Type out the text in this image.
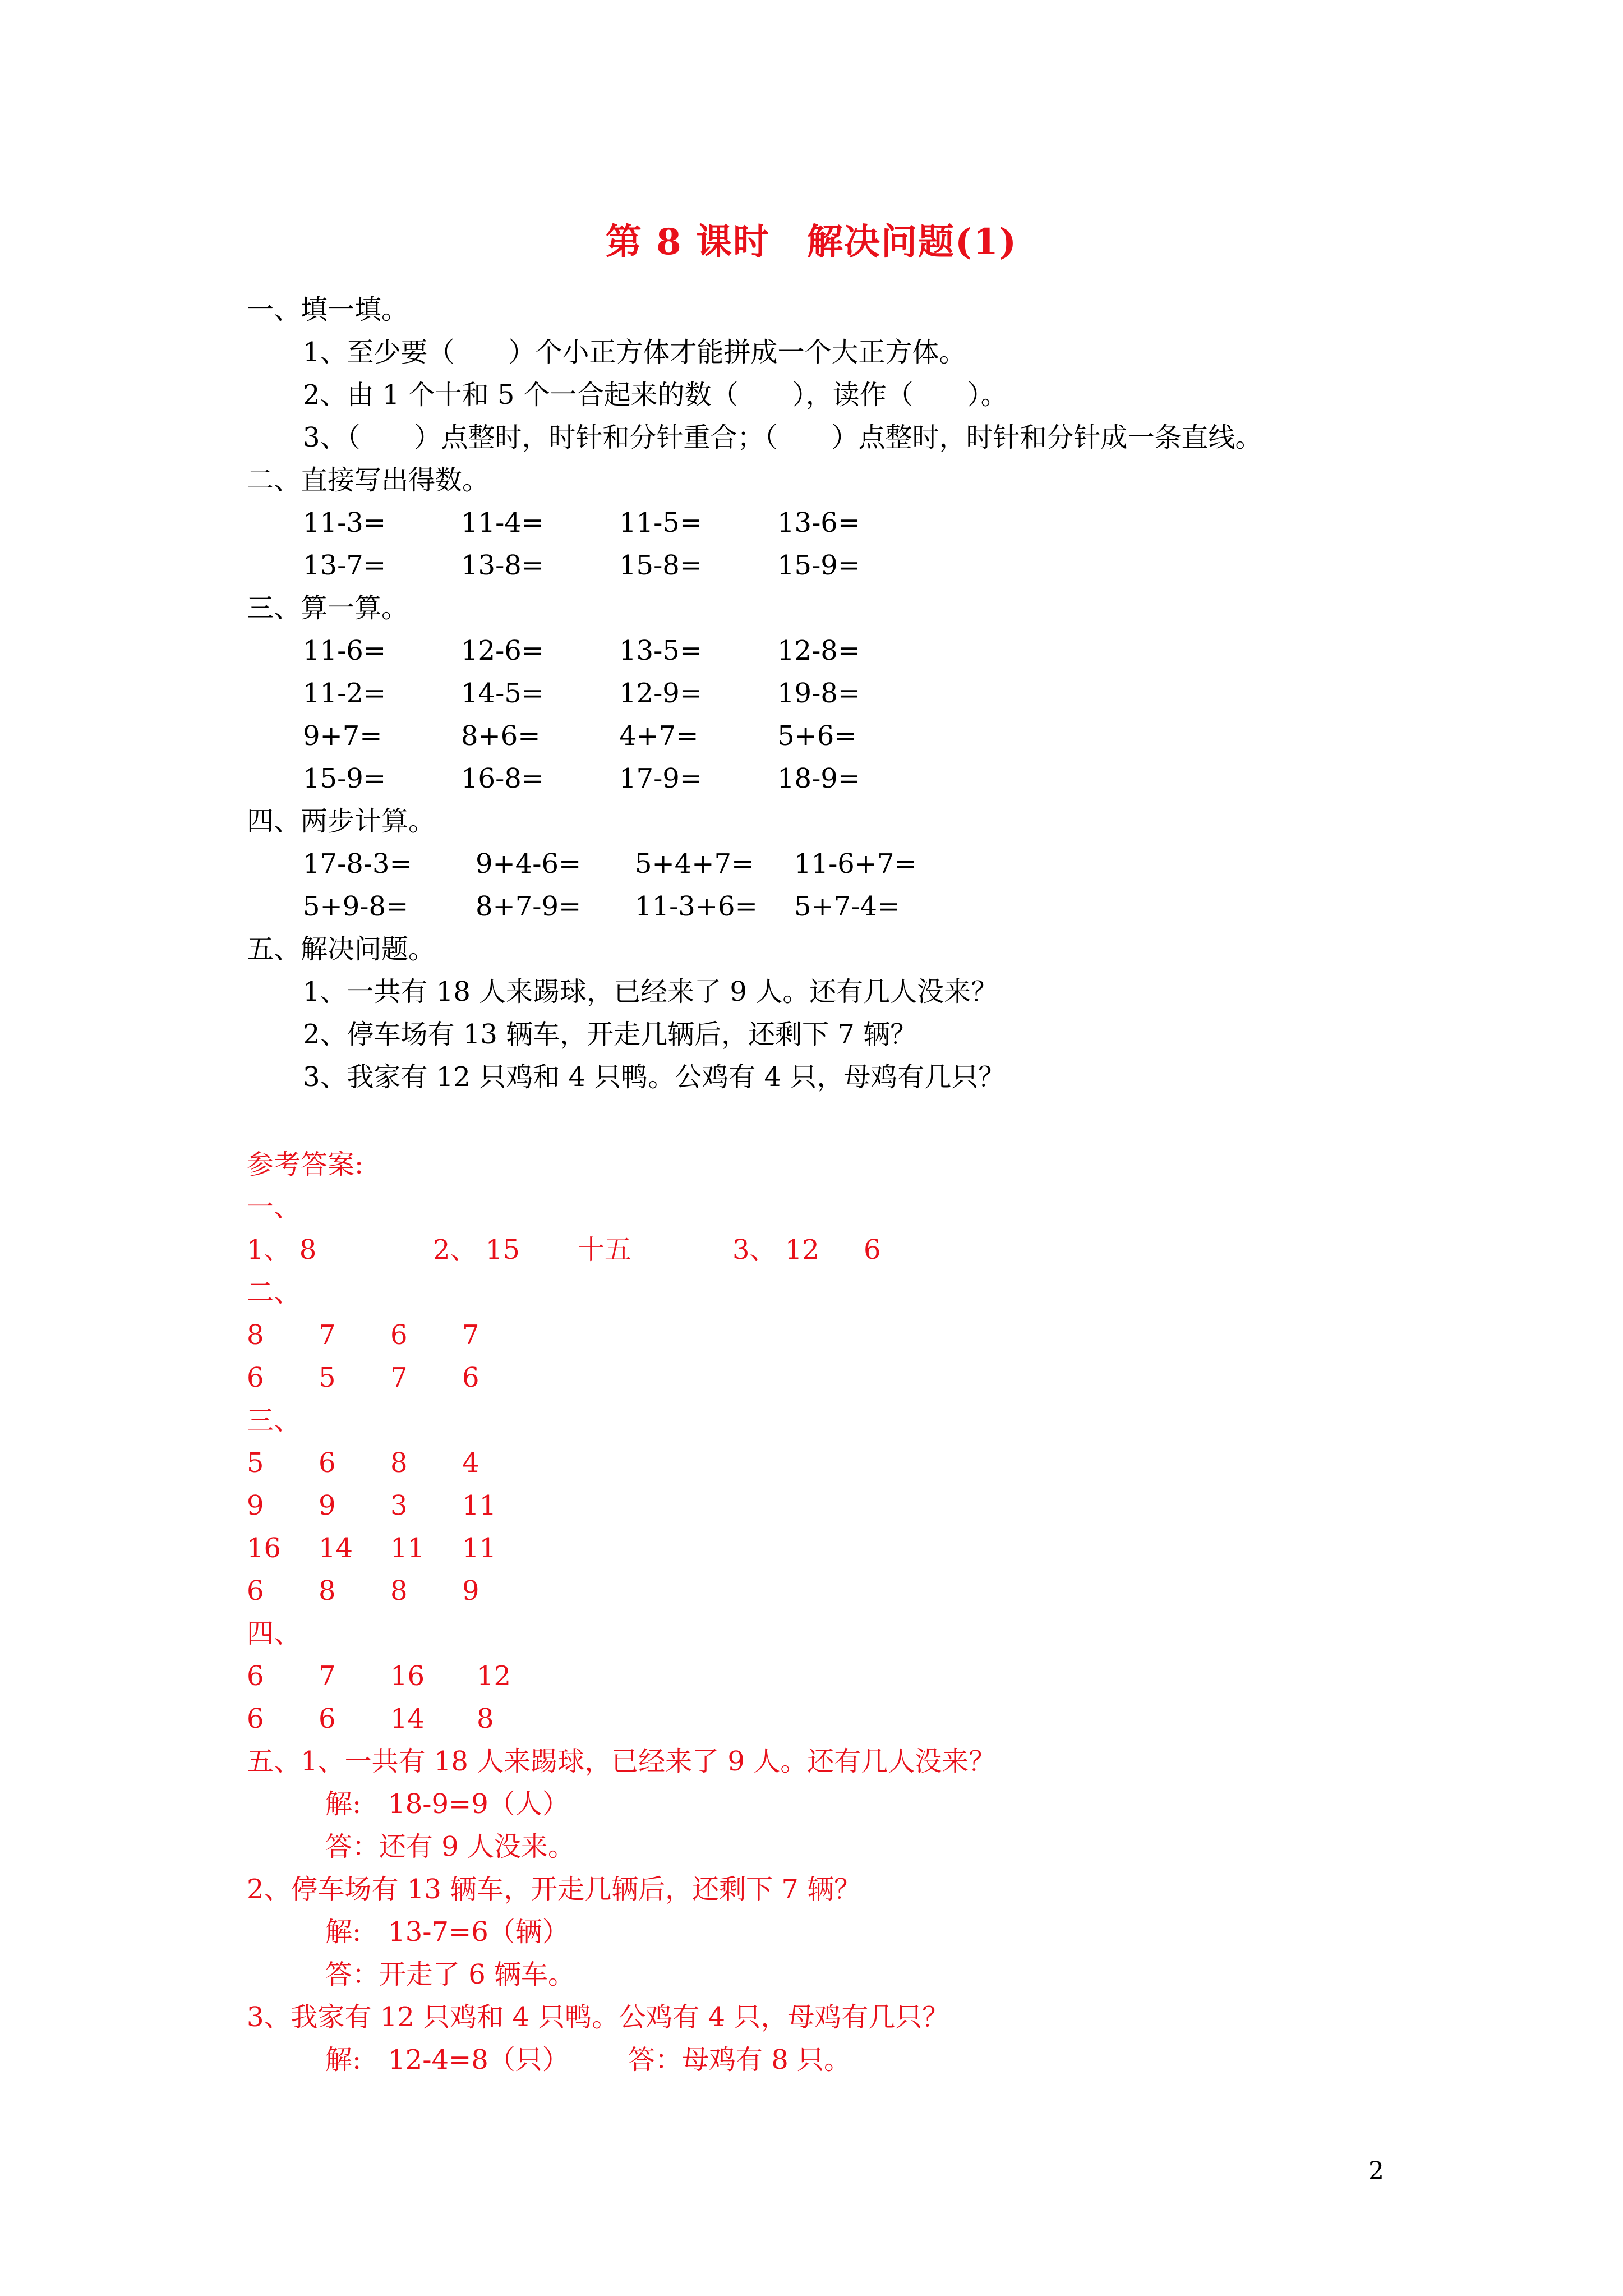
第 8 课时　解决问题(1)
一、填一填。
1、至少要（　　）个小正方体才能拼成一个大正方体。
2、由 1 个十和 5 个一合起来的数（　　），读作（　　）。
3、（　　）点整时，时针和分针重合；（　　）点整时，时针和分针成一条直线。
二、直接写出得数。
11-3=	11-4=	11-5=	13-6=
13-7=	13-8=	15-8=	15-9=
三、算一算。
11-6=	12-6=	13-5=	12-8=
11-2=	14-5=	12-9=	19-8=
9+7=	8+6=	4+7=	5+6=
15-9=	16-8=	17-9=	18-9=
四、两步计算。
17-8-3= 9+4-6= 5+4+7= 11-6+7=
5+9-8= 8+7-9= 11-3+6= 5+7-4=
五、解决问题。
1、一共有 18 人来踢球，已经来了 9 人。还有几人没来？
2、停车场有 13 辆车，开走几辆后，还剩下 7 辆？
3、我家有 12 只鸡和 4 只鸭。公鸡有 4 只，母鸡有几只？
参考答案:
一、
1、 8	2、 15 十五	3、 12 6
二、
8 7 6 7
6 5 7 6
三、
5 6 8 4
9 9 3 11
16 14 11 11
6 8 8 9
四、
6 7 16 12
6 6 14 8
五、1、一共有 18 人来踢球，已经来了 9 人。还有几人没来？
解:　18-9=9（人）
答：还有 9 人没来。
2、停车场有 13 辆车，开走几辆后，还剩下 7 辆？
解:　13-7=6（辆）
答：开走了 6 辆车。
3、我家有 12 只鸡和 4 只鸭。公鸡有 4 只，母鸡有几只？
解:　12-4=8（只） 答：母鸡有 8 只。
2
